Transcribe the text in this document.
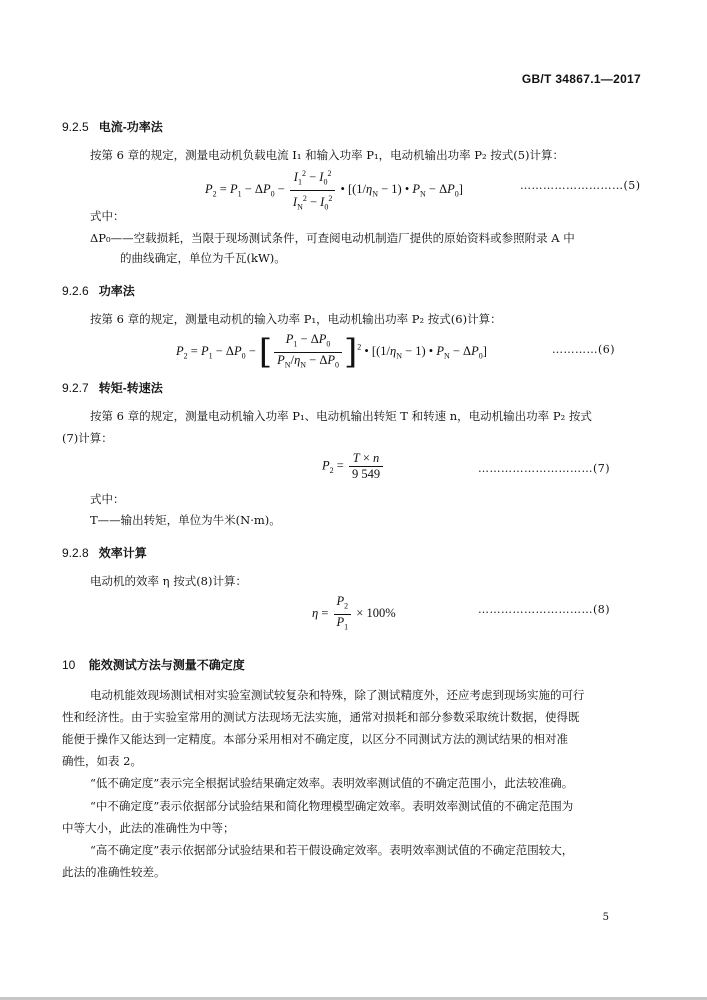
GB/T 34867.1—2017
9.2.5 电流-功率法
按第 6 章的规定，测量电动机负载电流 I₁ 和输入功率 P₁，电动机输出功率 P₂ 按式(5)计算：
$P_2 = P_1 - \Delta P_0 - \frac{I_1^2 - I_0^2}{I_N^2 - I_0^2}$ • [$(1/\eta_N - 1)$ • $P_N - \Delta P_0$]	………………………(5)
式中：
ΔP₀——空载损耗，当限于现场测试条件，可查阅电动机制造厂提供的原始资料或参照附录 A 中
的曲线确定，单位为千瓦(kW)。
9.2.6 功率法
按第 6 章的规定，测量电动机的输入功率 P₁，电动机输出功率 P₂ 按式(6)计算：
$P_2 = P_1 - \Delta P_0$ − [ $\frac{P_1 - \Delta P_0}{P_N/\eta_N - \Delta P_0} ]^2$ • [$(1/\eta_N - 1)$ • $P_N - \Delta P_0$]	…………(6)
9.2.7 转矩-转速法
按第 6 章的规定，测量电动机输入功率 P₁、电动机输出转矩 T 和转速 n，电动机输出功率 P₂ 按式
(7)计算：
$P_2 = \frac{T \times n}{9 549}$	…………………………(7)
式中：
T——输出转矩，单位为牛米(N·m)。
9.2.8 效率计算
电动机的效率 η 按式(8)计算：
$\eta = \frac{P_2}{P_1} \times 100\%$	…………………………(8)
10 能效测试方法与测量不确定度
电动机能效现场测试相对实验室测试较复杂和特殊，除了测试精度外，还应考虑到现场实施的可行
性和经济性。由于实验室常用的测试方法现场无法实施，通常对损耗和部分参数采取统计数据，使得既
能便于操作又能达到一定精度。本部分采用相对不确定度，以区分不同测试方法的测试结果的相对准
确性，如表 2。
“低不确定度”表示完全根据试验结果确定效率。表明效率测试值的不确定范围小，此法较准确。
“中不确定度”表示依据部分试验结果和简化物理模型确定效率。表明效率测试值的不确定范围为
中等大小，此法的准确性为中等；
“高不确定度”表示依据部分试验结果和若干假设确定效率。表明效率测试值的不确定范围较大，
此法的准确性较差。
5
